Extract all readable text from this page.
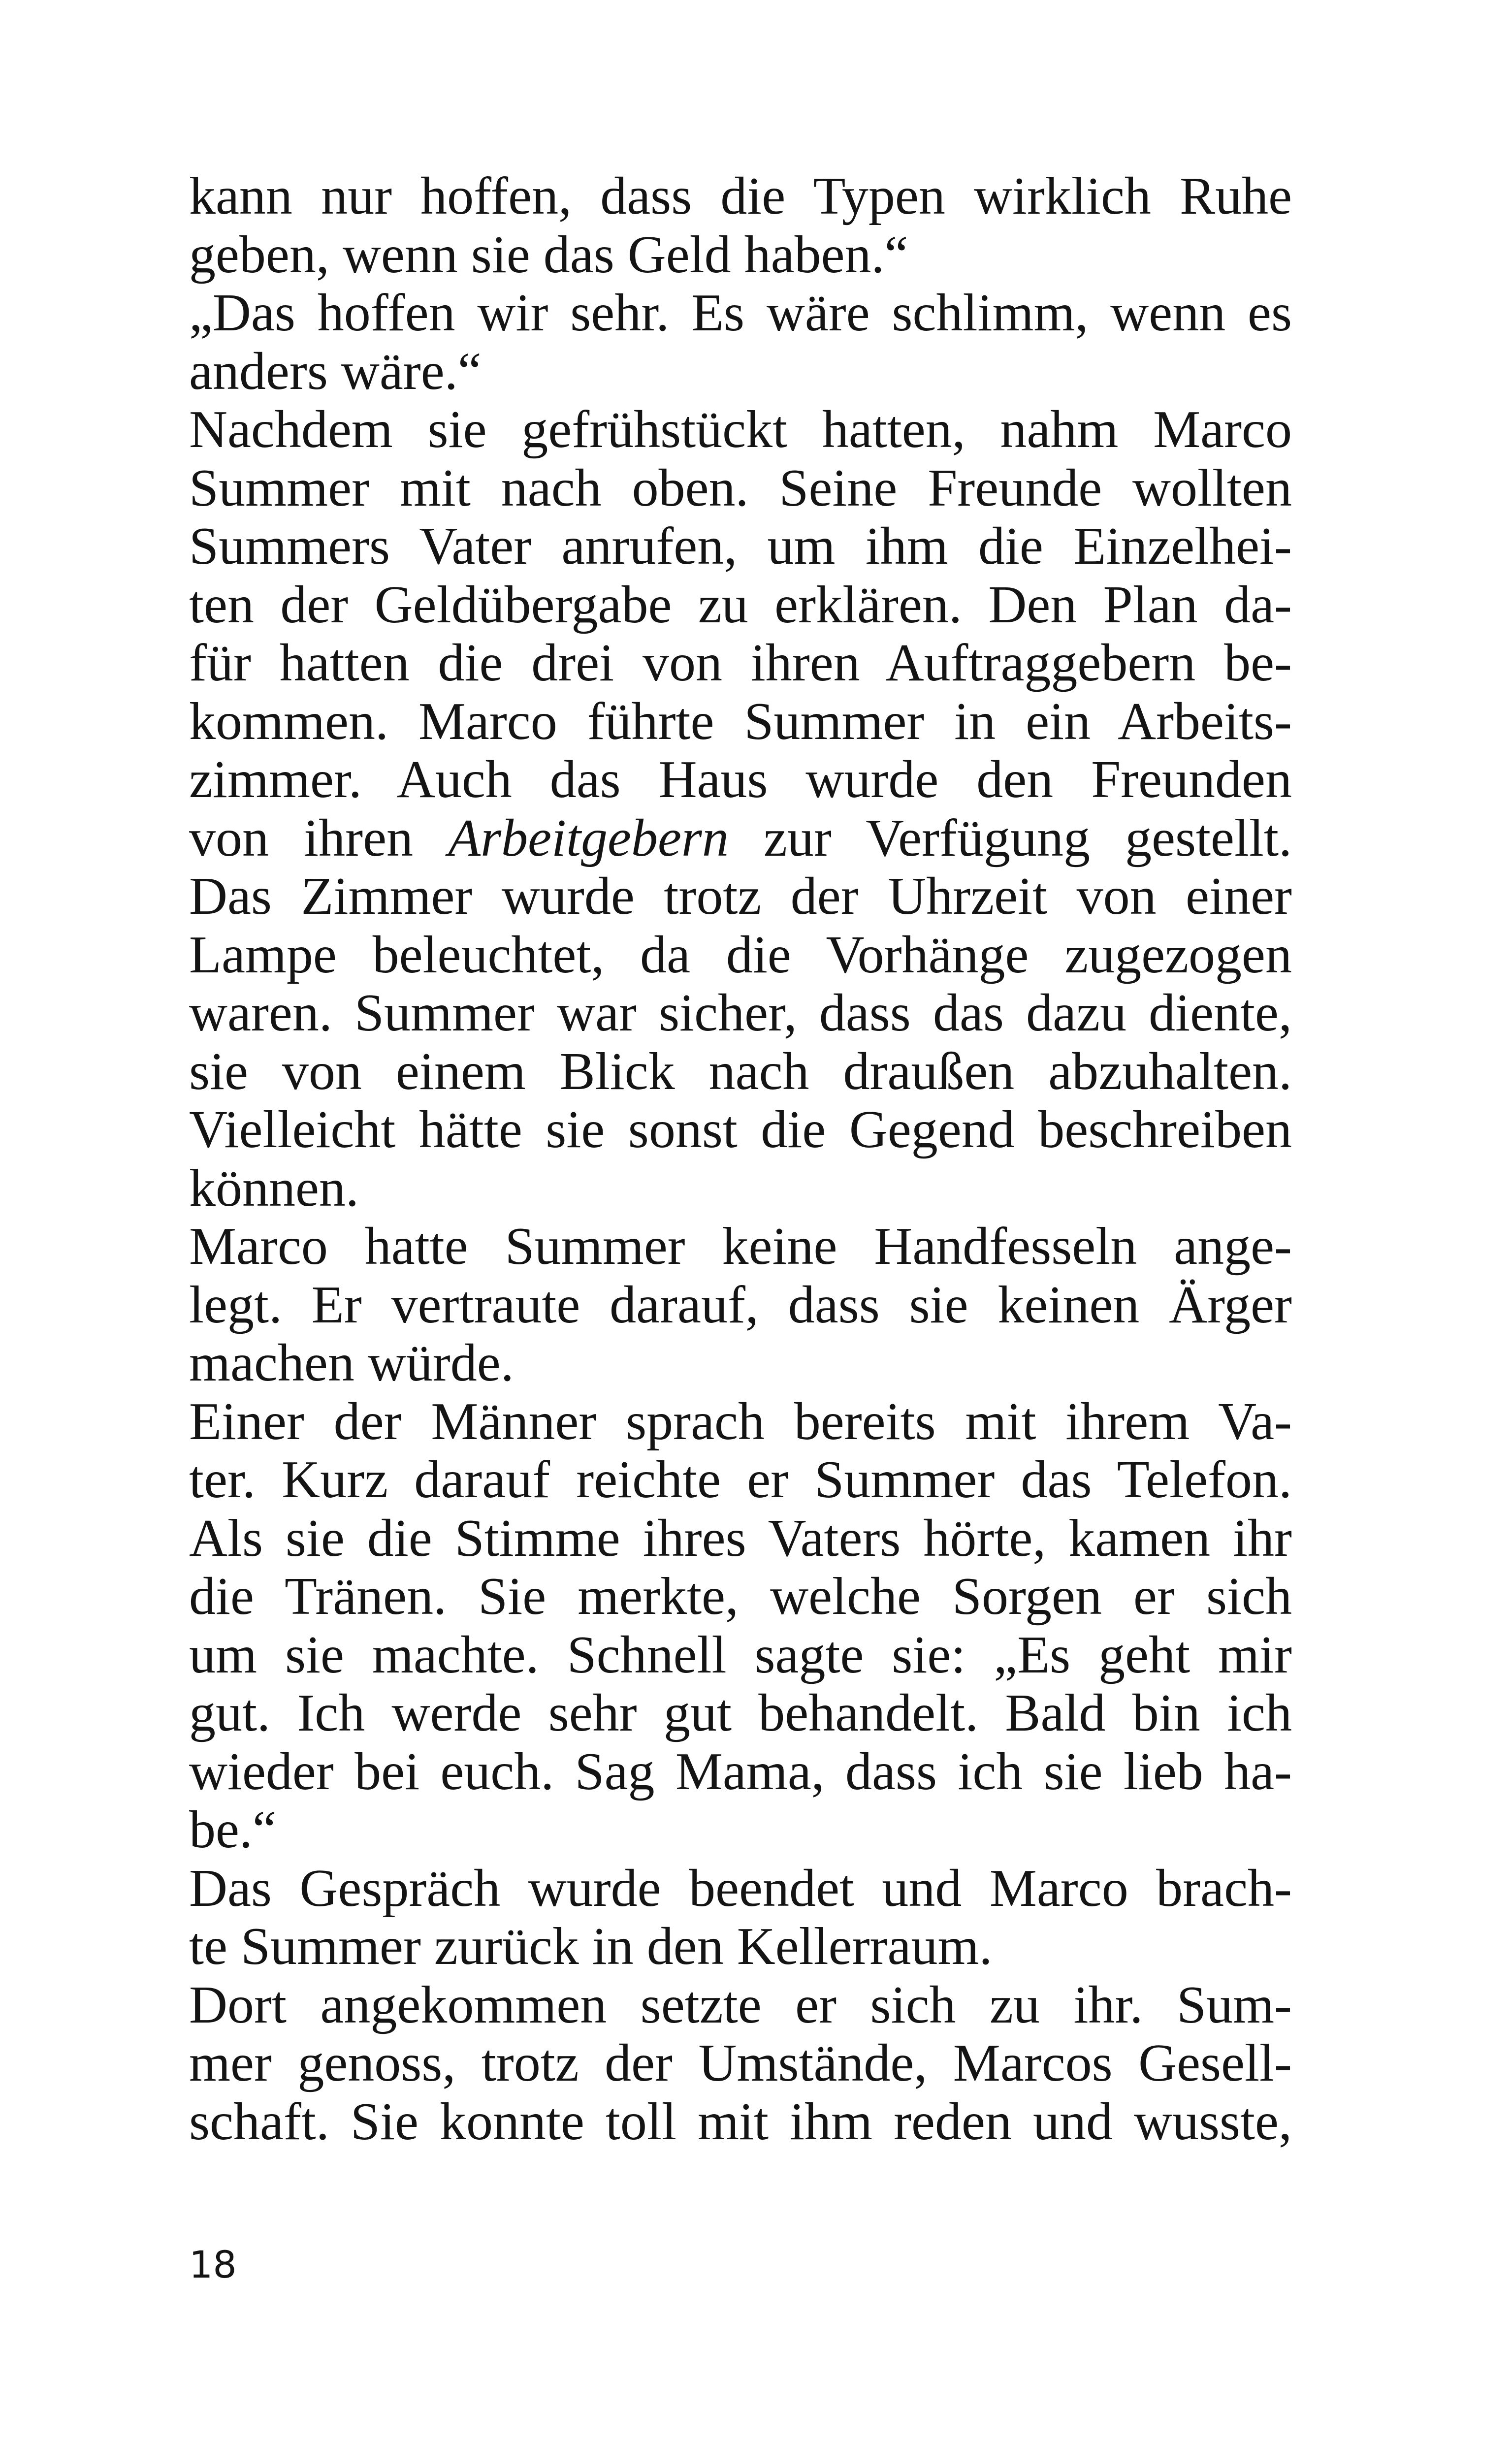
kann nur hoffen, dass die Typen wirklich Ruhe
geben, wenn sie das Geld haben.“
„Das hoffen wir sehr. Es wäre schlimm, wenn es
anders wäre.“
Nachdem sie gefrühstückt hatten, nahm Marco
Summer mit nach oben. Seine Freunde wollten
Summers Vater anrufen, um ihm die Einzelhei-
ten der Geldübergabe zu erklären. Den Plan da-
für hatten die drei von ihren Auftraggebern be-
kommen. Marco führte Summer in ein Arbeits-
zimmer. Auch das Haus wurde den Freunden
von ihren Arbeitgebern zur Verfügung gestellt.
Das Zimmer wurde trotz der Uhrzeit von einer
Lampe beleuchtet, da die Vorhänge zugezogen
waren. Summer war sicher, dass das dazu diente,
sie von einem Blick nach draußen abzuhalten.
Vielleicht hätte sie sonst die Gegend beschreiben
können.
Marco hatte Summer keine Handfesseln ange-
legt. Er vertraute darauf, dass sie keinen Ärger
machen würde.
Einer der Männer sprach bereits mit ihrem Va-
ter. Kurz darauf reichte er Summer das Telefon.
Als sie die Stimme ihres Vaters hörte, kamen ihr
die Tränen. Sie merkte, welche Sorgen er sich
um sie machte. Schnell sagte sie: „Es geht mir
gut. Ich werde sehr gut behandelt. Bald bin ich
wieder bei euch. Sag Mama, dass ich sie lieb ha-
be.“
Das Gespräch wurde beendet und Marco brach-
te Summer zurück in den Kellerraum.
Dort angekommen setzte er sich zu ihr. Sum-
mer genoss, trotz der Umstände, Marcos Gesell-
schaft. Sie konnte toll mit ihm reden und wusste,
18
